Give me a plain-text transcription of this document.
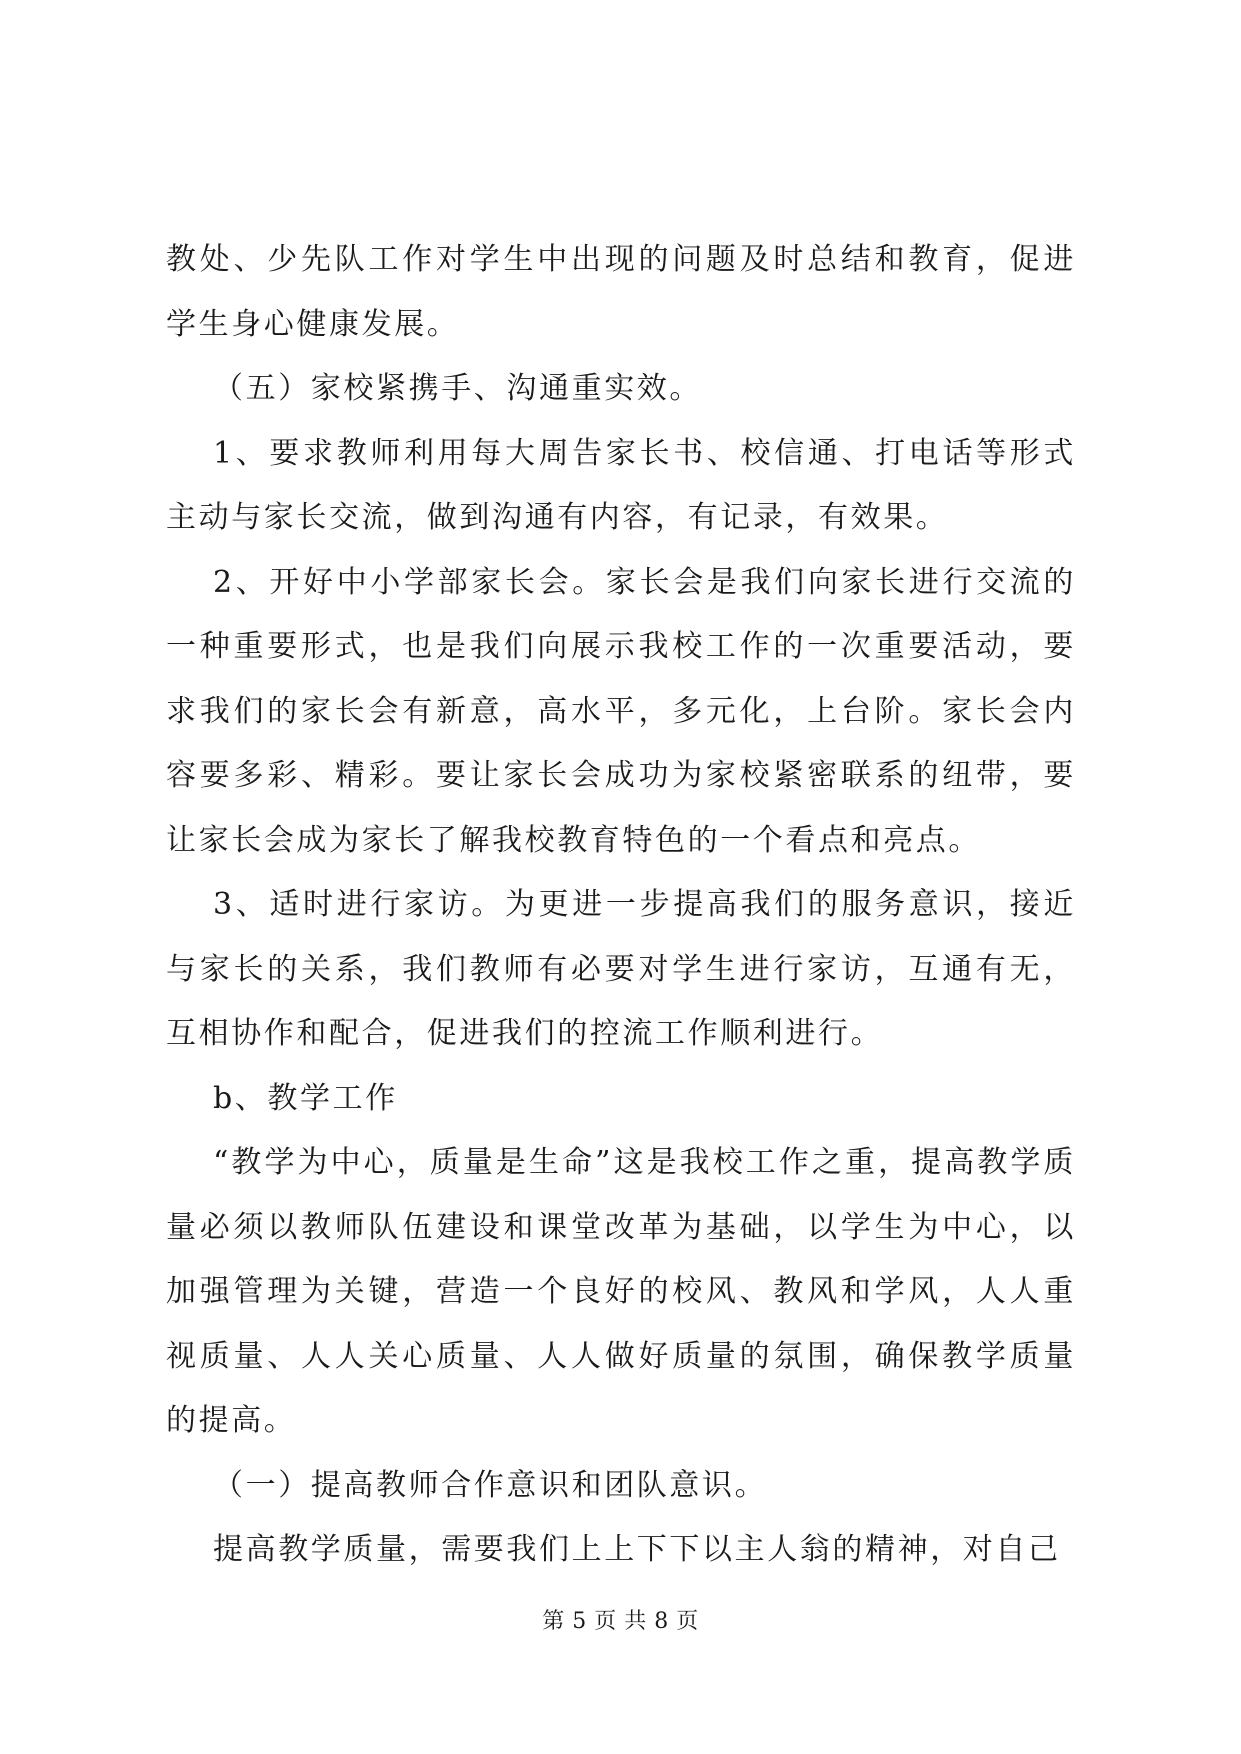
教处、少先队工作对学生中出现的问题及时总结和教育，促进学生身心健康发展。

（五）家校紧携手、沟通重实效。

1、要求教师利用每大周告家长书、校信通、打电话等形式主动与家长交流，做到沟通有内容，有记录，有效果。

2、开好中小学部家长会。家长会是我们向家长进行交流的一种重要形式，也是我们向展示我校工作的一次重要活动，要求我们的家长会有新意，高水平，多元化，上台阶。家长会内容要多彩、精彩。要让家长会成功为家校紧密联系的纽带，要让家长会成为家长了解我校教育特色的一个看点和亮点。

3、适时进行家访。为更进一步提高我们的服务意识，接近与家长的关系，我们教师有必要对学生进行家访，互通有无，互相协作和配合，促进我们的控流工作顺利进行。

b、教学工作

“教学为中心，质量是生命”这是我校工作之重，提高教学质量必须以教师队伍建设和课堂改革为基础，以学生为中心，以加强管理为关键，营造一个良好的校风、教风和学风，人人重视质量、人人关心质量、人人做好质量的氛围，确保教学质量的提高。

（一）提高教师合作意识和团队意识。

提高教学质量，需要我们上上下下以主人翁的精神，对自己

第 5 页 共 8 页
